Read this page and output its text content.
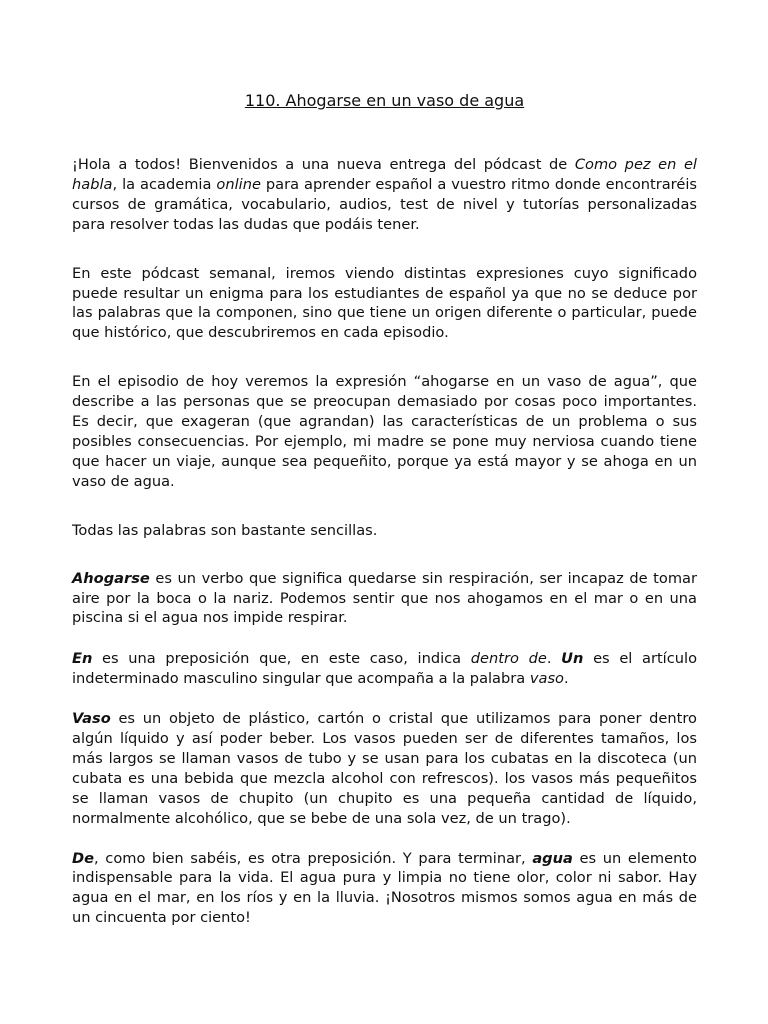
110. Ahogarse en un vaso de agua

¡Hola a todos! Bienvenidos a una nueva entrega del pódcast de Como pez en el habla, la academia online para aprender español a vuestro ritmo donde encontraréis cursos de gramática, vocabulario, audios, test de nivel y tutorías personalizadas para resolver todas las dudas que podáis tener.

En este pódcast semanal, iremos viendo distintas expresiones cuyo significado puede resultar un enigma para los estudiantes de español ya que no se deduce por las palabras que la componen, sino que tiene un origen diferente o particular, puede que histórico, que descubriremos en cada episodio.

En el episodio de hoy veremos la expresión “ahogarse en un vaso de agua”, que describe a las personas que se preocupan demasiado por cosas poco importantes. Es decir, que exageran (que agrandan) las características de un problema o sus posibles consecuencias. Por ejemplo, mi madre se pone muy nerviosa cuando tiene que hacer un viaje, aunque sea pequeñito, porque ya está mayor y se ahoga en un vaso de agua.

Todas las palabras son bastante sencillas.

Ahogarse es un verbo que significa quedarse sin respiración, ser incapaz de tomar aire por la boca o la nariz. Podemos sentir que nos ahogamos en el mar o en una piscina si el agua nos impide respirar.

En es una preposición que, en este caso, indica dentro de. Un es el artículo indeterminado masculino singular que acompaña a la palabra vaso.

Vaso es un objeto de plástico, cartón o cristal que utilizamos para poner dentro algún líquido y así poder beber. Los vasos pueden ser de diferentes tamaños, los más largos se llaman vasos de tubo y se usan para los cubatas en la discoteca (un cubata es una bebida que mezcla alcohol con refrescos). los vasos más pequeñitos se llaman vasos de chupito (un chupito es una pequeña cantidad de líquido, normalmente alcohólico, que se bebe de una sola vez, de un trago).

De, como bien sabéis, es otra preposición. Y para terminar, agua es un elemento indispensable para la vida. El agua pura y limpia no tiene olor, color ni sabor. Hay agua en el mar, en los ríos y en la lluvia. ¡Nosotros mismos somos agua en más de un cincuenta por ciento!
